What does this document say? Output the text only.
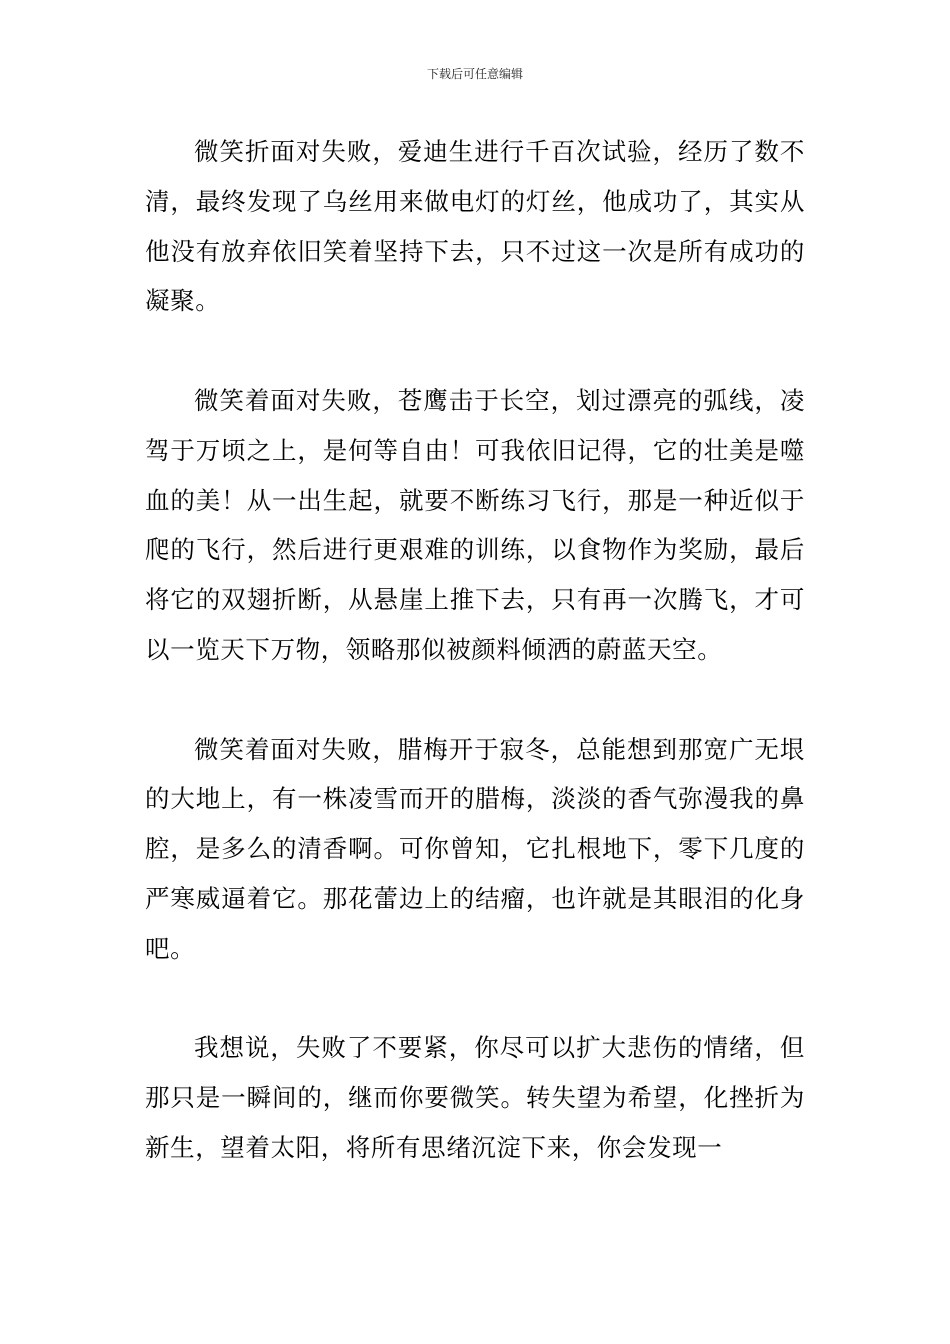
下载后可任意编辑

微笑折面对失败，爱迪生进行千百次试验，经历了数不清，最终发现了乌丝用来做电灯的灯丝，他成功了，其实从他没有放弃依旧笑着坚持下去，只不过这一次是所有成功的凝聚。

微笑着面对失败，苍鹰击于长空，划过漂亮的弧线，凌驾于万顷之上，是何等自由！可我依旧记得，它的壮美是噬血的美！从一出生起，就要不断练习飞行，那是一种近似于爬的飞行，然后进行更艰难的训练，以食物作为奖励，最后将它的双翅折断，从悬崖上推下去，只有再一次腾飞，才可以一览天下万物，领略那似被颜料倾洒的蔚蓝天空。

微笑着面对失败，腊梅开于寂冬，总能想到那宽广无垠的大地上，有一株凌雪而开的腊梅，淡淡的香气弥漫我的鼻腔，是多么的清香啊。可你曾知，它扎根地下，零下几度的严寒威逼着它。那花蕾边上的结瘤，也许就是其眼泪的化身吧。

我想说，失败了不要紧，你尽可以扩大悲伤的情绪，但那只是一瞬间的，继而你要微笑。转失望为希望，化挫折为新生，望着太阳，将所有思绪沉淀下来，你会发现一
